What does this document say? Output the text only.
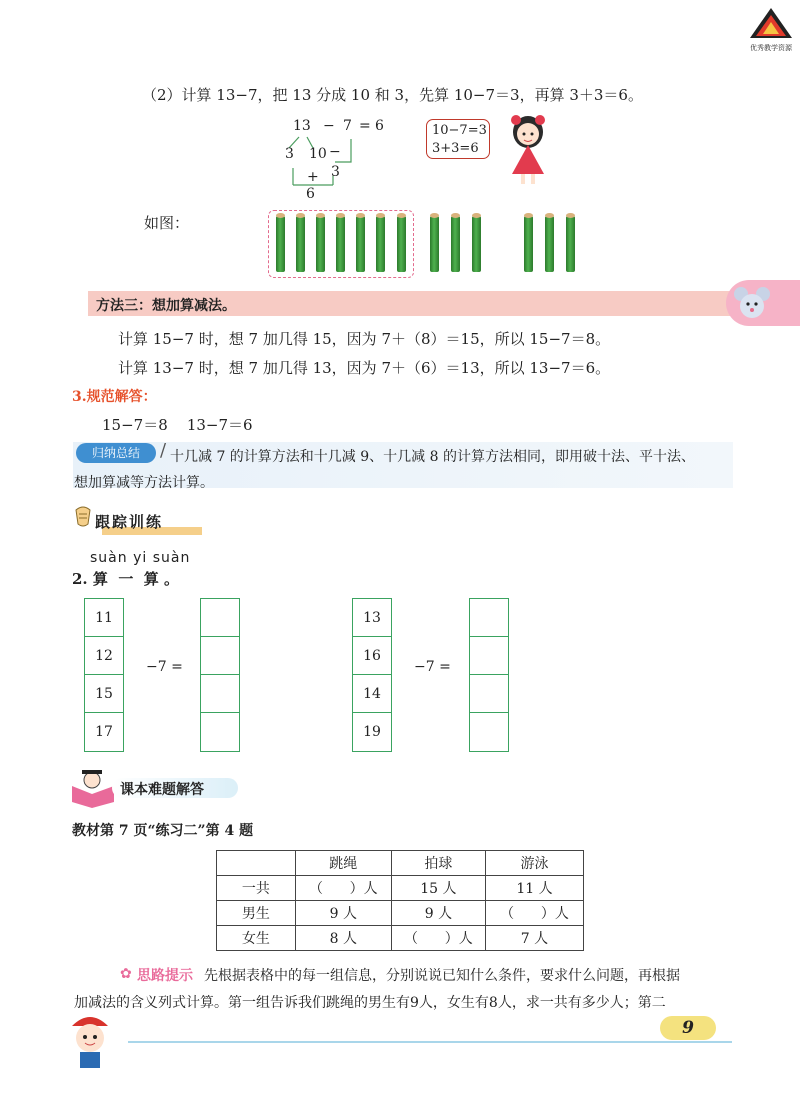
优秀教学资源
（2）计算 13−7，把 13 分成 10 和 3，先算 10−7＝3，再算 3＋3＝6。
13 − 7 = 6
3 10 −
+ 3
6
10−7=3
3+3=6
如图：
方法三：想加算减法。
计算 15−7 时，想 7 加几得 15，因为 7＋（8）＝15，所以 15−7＝8。
计算 13−7 时，想 7 加几得 13，因为 7＋（6）＝13，所以 13−7＝6。
3.规范解答：
15−7＝8    13−7＝6
归纳总结	/ 十几减 7 的计算方法和十几减 9、十几减 8 的计算方法相同，即用破十法、平十法、
想加算减等方法计算。
跟踪训练
suàn yi suàn
2. 算  一  算 。
11
12
15
17
−7 =
13
16
14
19
−7 =
课本难题解答
教材第 7 页“练习二”第 4 题
	跳绳	拍球	游泳
一共	（      ）人	15 人	11 人
男生	9 人	9 人	（      ）人
女生	8 人	（      ）人	7 人
✿ 思路提示 先根据表格中的每一组信息，分别说说已知什么条件，要求什么问题，再根据
加减法的含义列式计算。第一组告诉我们跳绳的男生有9人，女生有8人，求一共有多少人；第二
9
